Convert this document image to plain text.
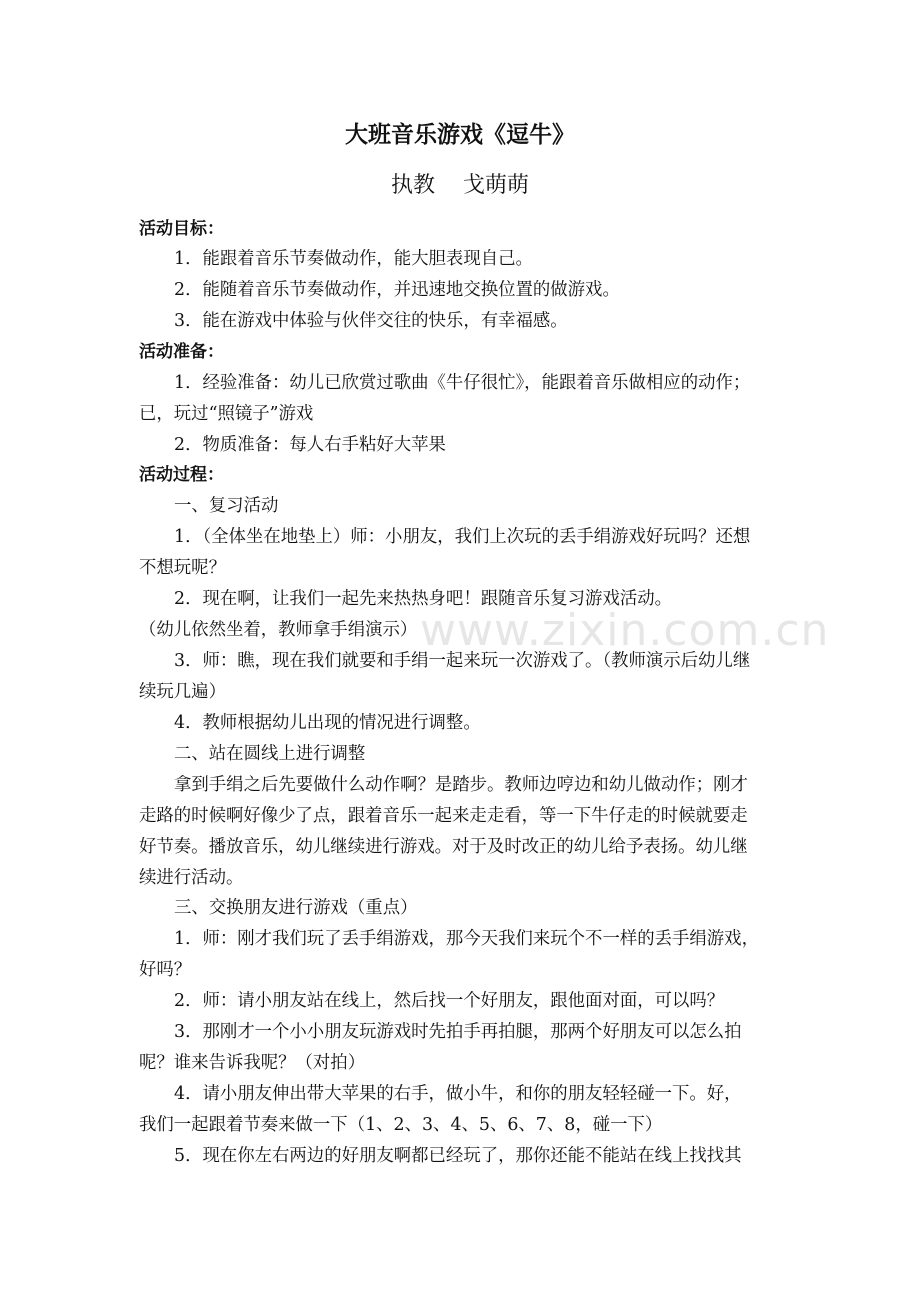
www.zixin.com.cn
大班音乐游戏《逗牛》
执教    戈萌萌
活动目标：
1．能跟着音乐节奏做动作，能大胆表现自己。
2．能随着音乐节奏做动作，并迅速地交换位置的做游戏。
3．能在游戏中体验与伙伴交往的快乐，有幸福感。
活动准备：
1．经验准备：幼儿已欣赏过歌曲《牛仔很忙》，能跟着音乐做相应的动作；
已，玩过“照镜子”游戏
2．物质准备：每人右手粘好大苹果
活动过程：
一、复习活动
1．（全体坐在地垫上）师：小朋友，我们上次玩的丢手绢游戏好玩吗？还想
不想玩呢？
2．现在啊，让我们一起先来热热身吧！跟随音乐复习游戏活动。
（幼儿依然坐着，教师拿手绢演示）
3．师：瞧，现在我们就要和手绢一起来玩一次游戏了。（教师演示后幼儿继
续玩几遍）
4．教师根据幼儿出现的情况进行调整。
二、站在圆线上进行调整
拿到手绢之后先要做什么动作啊？是踏步。教师边哼边和幼儿做动作；刚才
走路的时候啊好像少了点，跟着音乐一起来走走看，等一下牛仔走的时候就要走
好节奏。播放音乐，幼儿继续进行游戏。对于及时改正的幼儿给予表扬。幼儿继
续进行活动。
三、交换朋友进行游戏（重点）
1．师：刚才我们玩了丢手绢游戏，那今天我们来玩个不一样的丢手绢游戏，
好吗？
2．师：请小朋友站在线上，然后找一个好朋友，跟他面对面，可以吗？
3．那刚才一个小小朋友玩游戏时先拍手再拍腿，那两个好朋友可以怎么拍
呢？谁来告诉我呢？（对拍）
4．请小朋友伸出带大苹果的右手，做小牛，和你的朋友轻轻碰一下。好，
我们一起跟着节奏来做一下（1、2、3、4、5、6、7、8，碰一下）
5．现在你左右两边的好朋友啊都已经玩了，那你还能不能站在线上找找其
